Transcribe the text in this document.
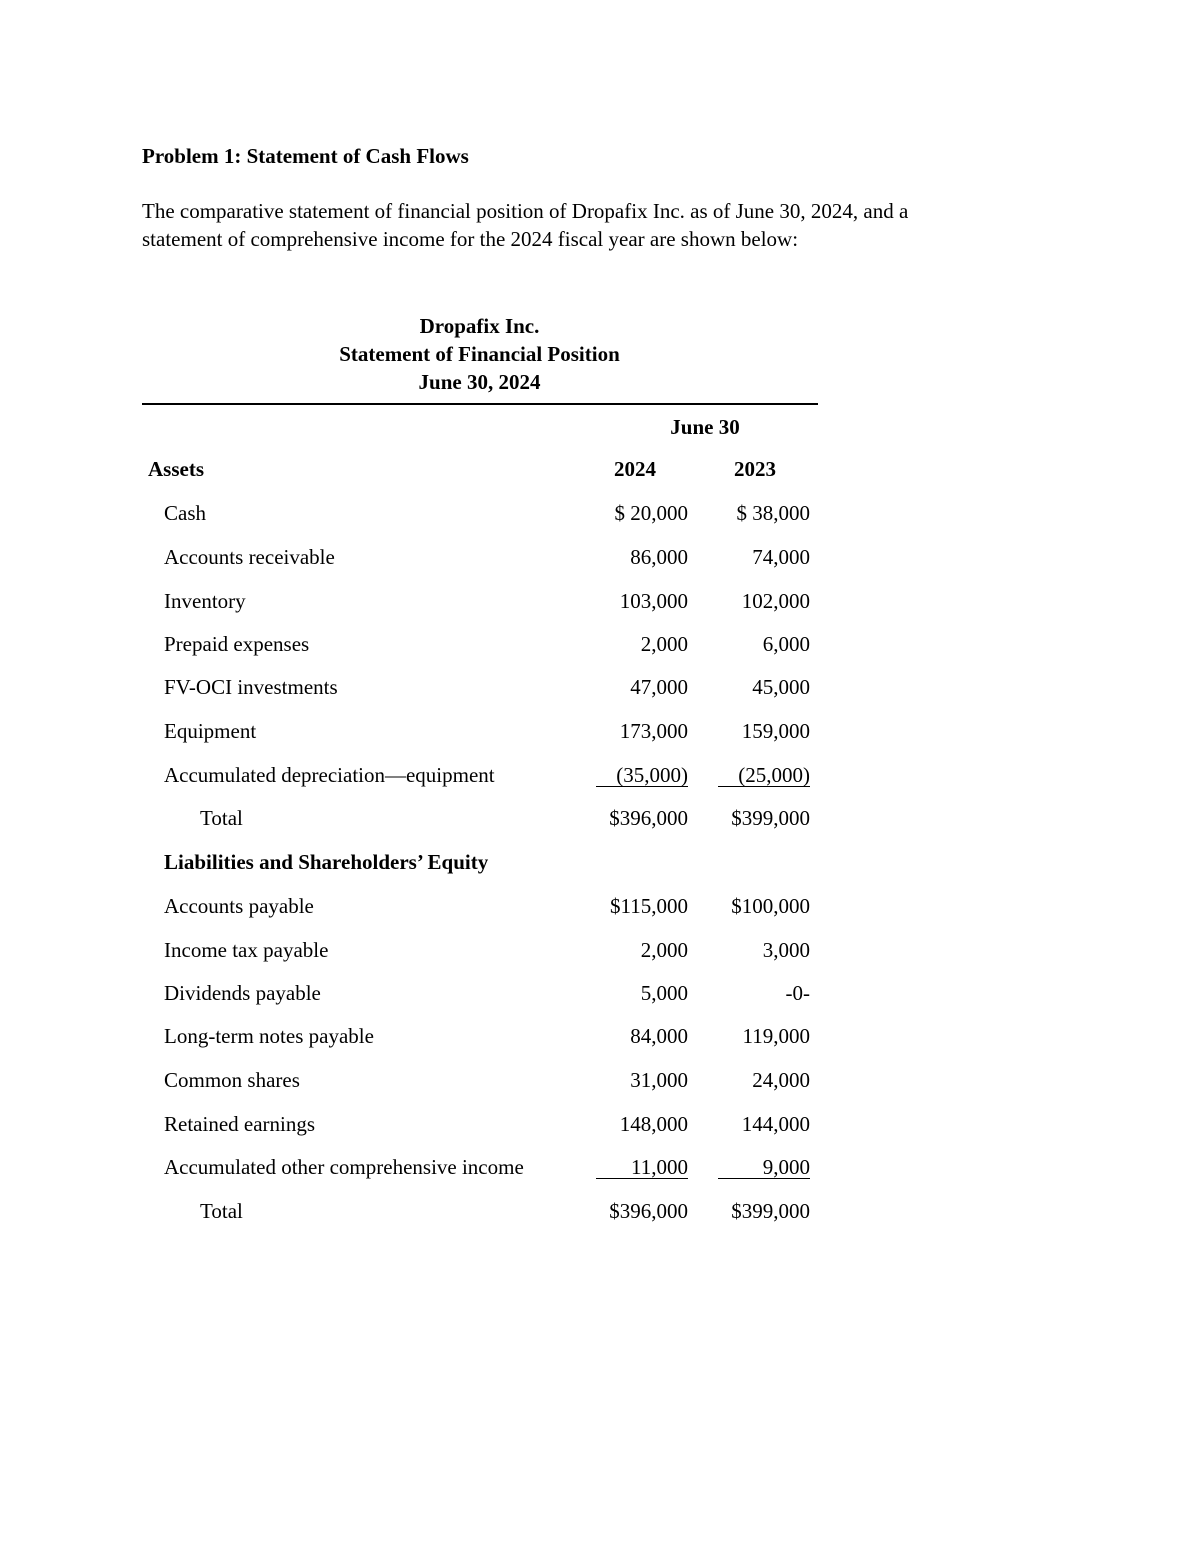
Problem 1: Statement of Cash Flows
The comparative statement of financial position of Dropafix Inc. as of June 30, 2024, and a
statement of comprehensive income for the 2024 fiscal year are shown below:
Dropafix Inc.
Statement of Financial Position
June 30, 2024
June 30
Assets	2024	2023
Cash	$ 20,000	$ 38,000
Accounts receivable	86,000	74,000
Inventory	103,000	102,000
Prepaid expenses	2,000	6,000
FV-OCI investments	47,000	45,000
Equipment	173,000	159,000
Accumulated depreciation—equipment	(35,000)	(25,000)
Total	$396,000	$399,000
Liabilities and Shareholders’ Equity
Accounts payable	$115,000	$100,000
Income tax payable	2,000	3,000
Dividends payable	5,000	-0-
Long-term notes payable	84,000	119,000
Common shares	31,000	24,000
Retained earnings	148,000	144,000
Accumulated other comprehensive income	11,000	9,000
Total	$396,000	$399,000
